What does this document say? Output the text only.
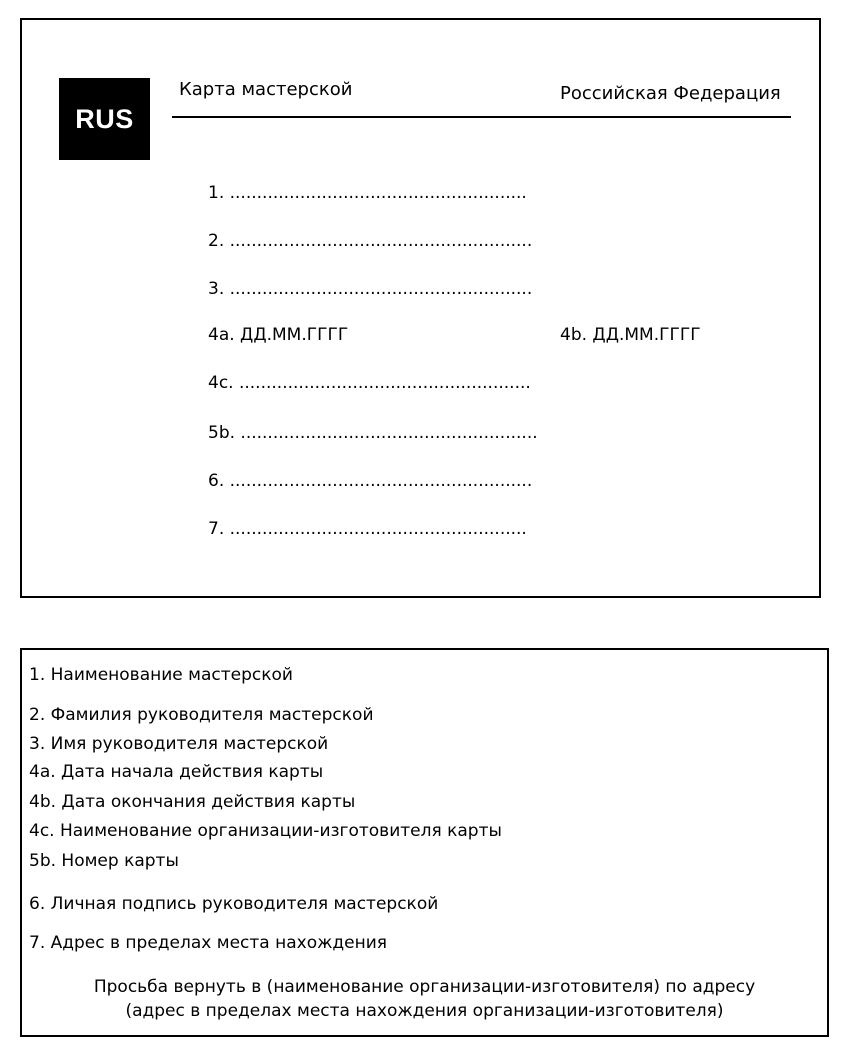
RUS
Карта мастерской	Российская Федерация
1. .......................................................
2. ........................................................
3. ........................................................
4a. ДД.ММ.ГГГГ	4b. ДД.ММ.ГГГГ
4c. ......................................................
5b. .......................................................
6. ........................................................
7. .......................................................
1. Наименование мастерской
2. Фамилия руководителя мастерской
3. Имя руководителя мастерской
4a. Дата начала действия карты
4b. Дата окончания действия карты
4c. Наименование организации-изготовителя карты
5b. Номер карты
6. Личная подпись руководителя мастерской
7. Адрес в пределах места нахождения
Просьба вернуть в (наименование организации-изготовителя) по адресу
(адрес в пределах места нахождения организации-изготовителя)
